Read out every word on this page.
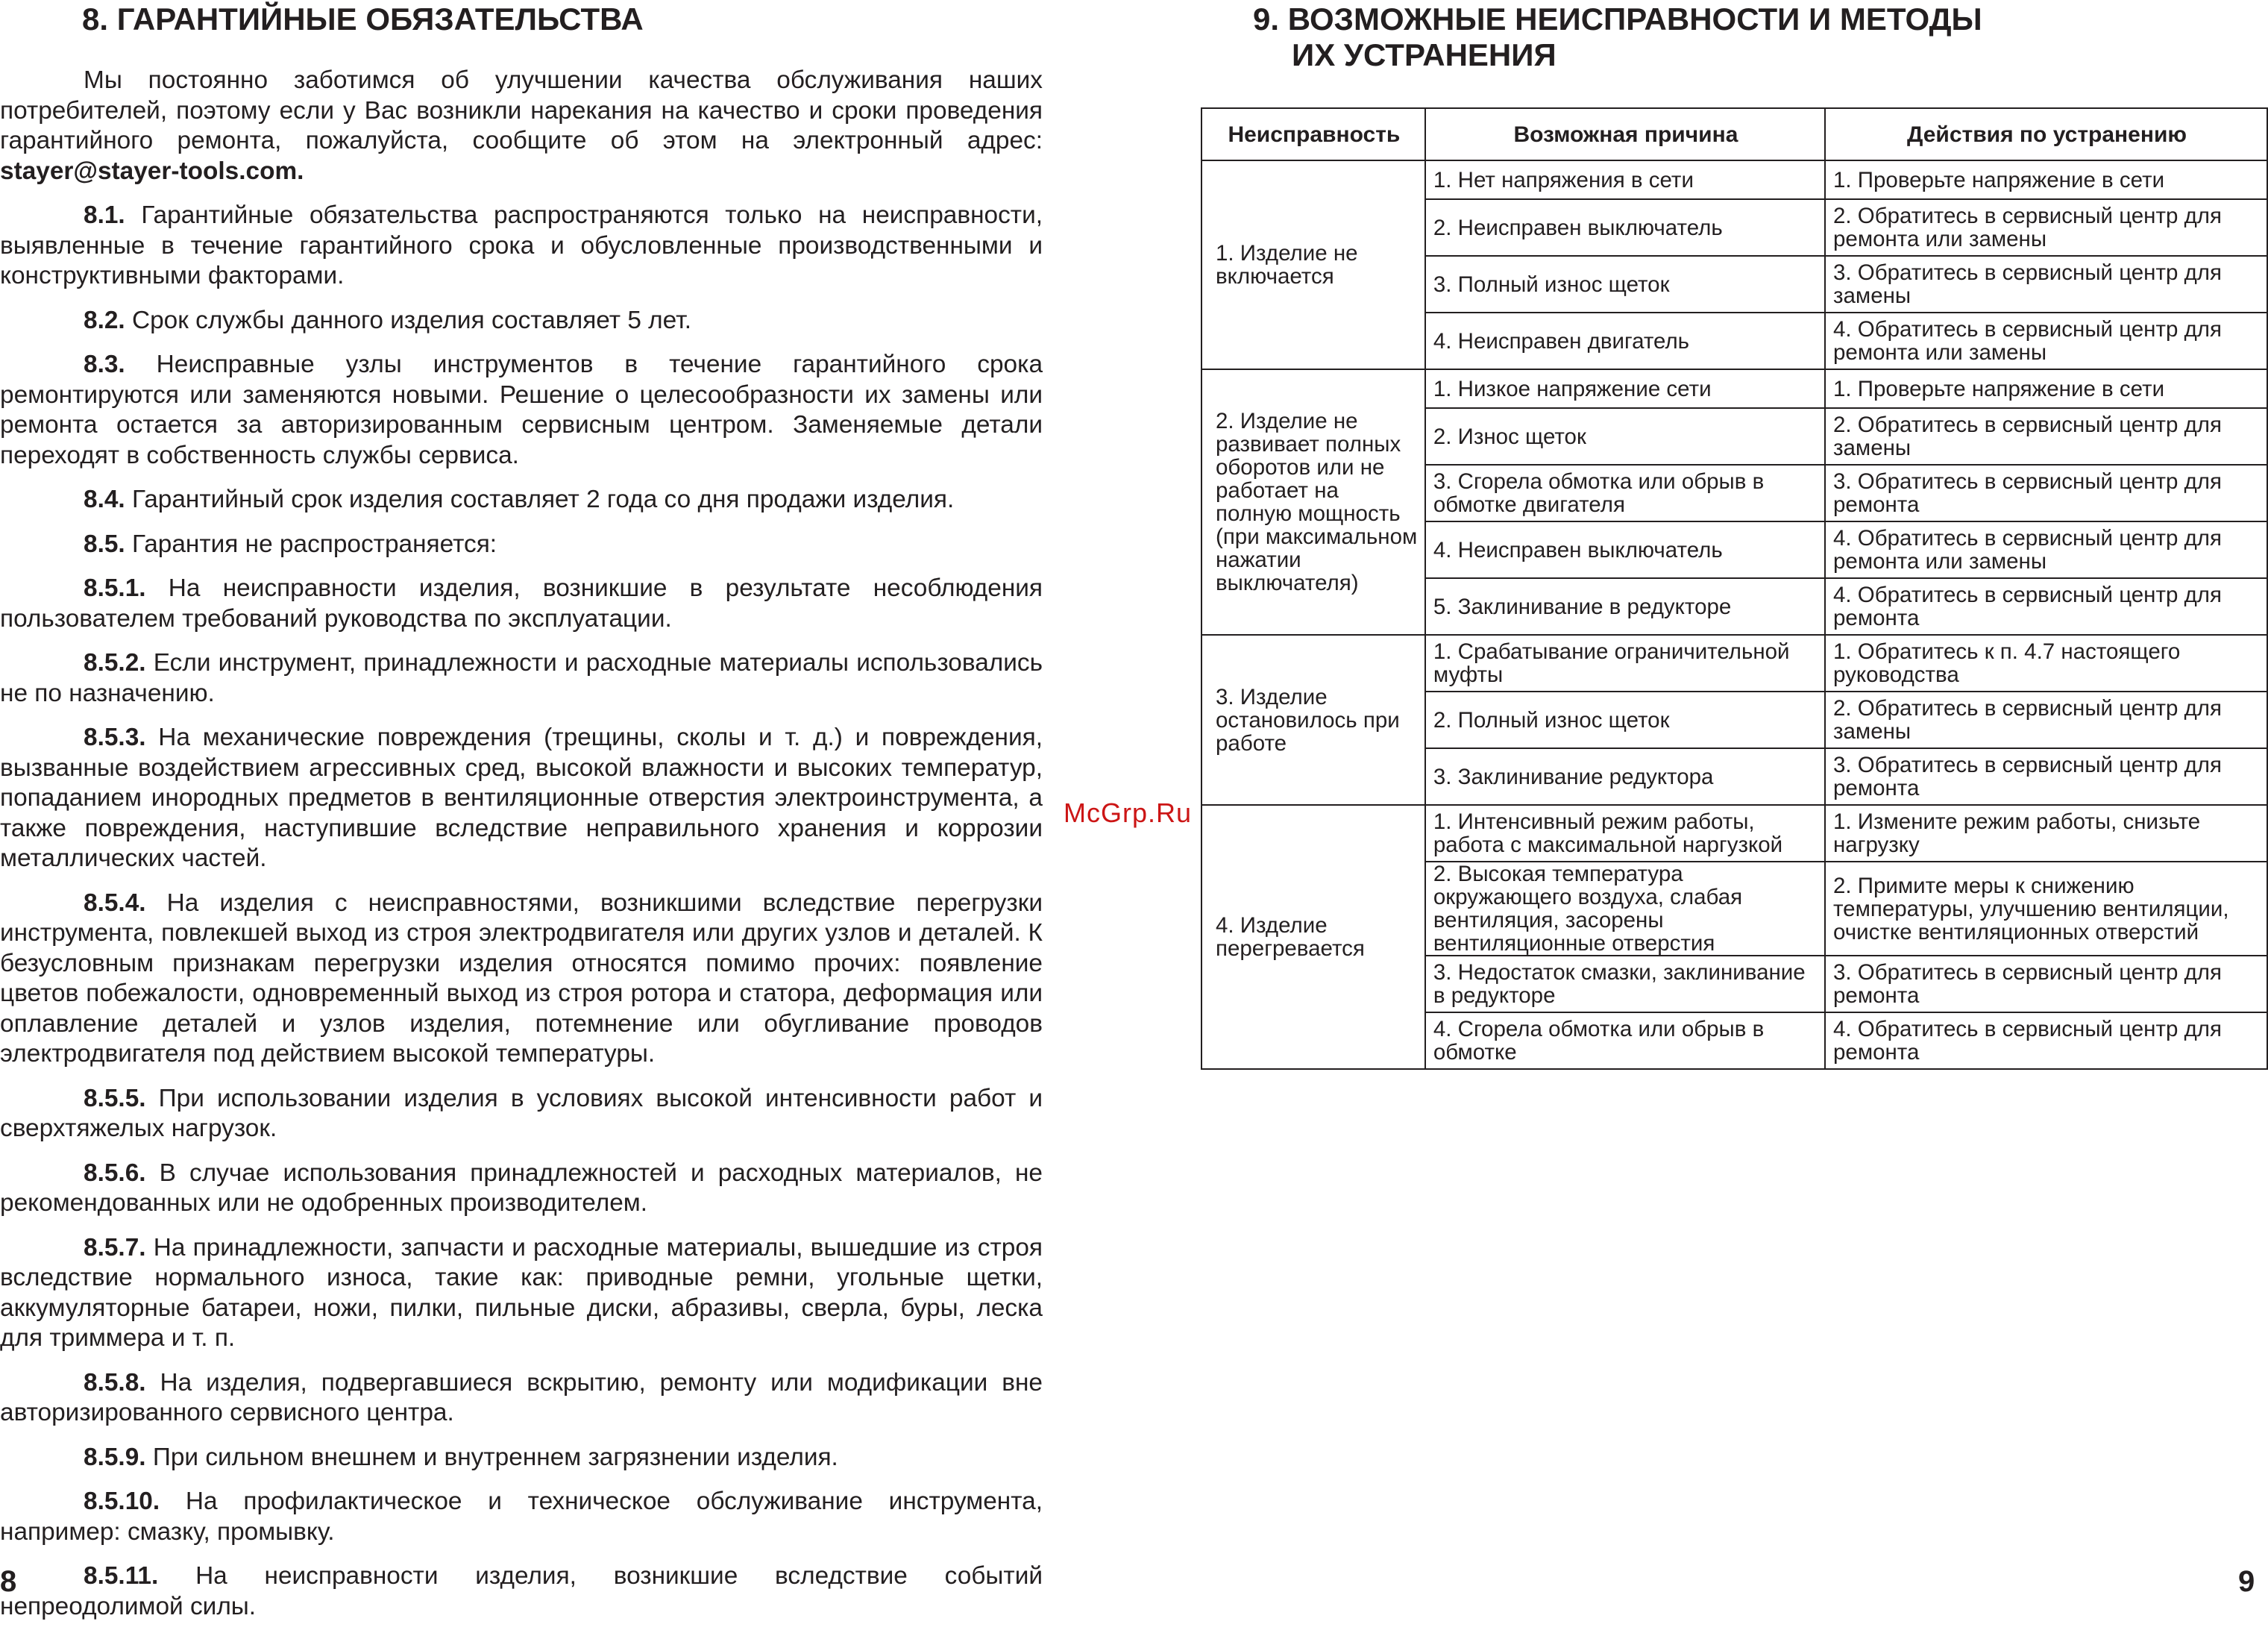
8. ГАРАНТИЙНЫЕ ОБЯЗАТЕЛЬСТВА

Мы постоянно заботимся об улучшении качества обслуживания наших потребителей, поэтому если у Вас возникли нарекания на качество и сроки проведения гарантийного ремонта, пожалуйста, сообщите об этом на электронный адрес: stayer@stayer-tools.com.

8.1. Гарантийные обязательства распространяются только на неисправности, выявленные в течение гарантийного срока и обусловленные производственными и конструктивными факторами.

8.2. Срок службы данного изделия составляет 5 лет.

8.3. Неисправные узлы инструментов в течение гарантийного срока ремонтируются или заменяются новыми. Решение о целесообразности их замены или ремонта остается за авторизированным сервисным центром. Заменяемые детали переходят в собственность службы сервиса.

8.4. Гарантийный срок изделия составляет 2 года со дня продажи изделия.

8.5. Гарантия не распространяется:

8.5.1. На неисправности изделия, возникшие в результате несоблюдения пользователем требований руководства по эксплуатации.

8.5.2. Если инструмент, принадлежности и расходные материалы использовались не по назначению.

8.5.3. На механические повреждения (трещины, сколы и т. д.) и повреждения, вызванные воздействием агрессивных сред, высокой влажности и высоких температур, попаданием инородных предметов в вентиляционные отверстия электроинструмента, а также повреждения, наступившие вследствие неправильного хранения и коррозии металлических частей.

8.5.4. На изделия с неисправностями, возникшими вследствие перегрузки инструмента, повлекшей выход из строя электродвигателя или других узлов и деталей. К безусловным признакам перегрузки изделия относятся помимо прочих: появление цветов побежалости, одновременный выход из строя ротора и статора, деформация или оплавление деталей и узлов изделия, потемнение или обугливание проводов электродвигателя под действием высокой температуры.

8.5.5. При использовании изделия в условиях высокой интенсивности работ и сверхтяжелых нагрузок.

8.5.6. В случае использования принадлежностей и расходных материалов, не рекомендованных или не одобренных производителем.

8.5.7. На принадлежности, запчасти и расходные материалы, вышедшие из строя вследствие нормального износа, такие как: приводные ремни, угольные щетки, аккумуляторные батареи, ножи, пилки, пильные диски, абразивы, сверла, буры, леска для триммера и т. п.

8.5.8. На изделия, подвергавшиеся вскрытию, ремонту или модификации вне авторизированного сервисного центра.

8.5.9. При сильном внешнем и внутреннем загрязнении изделия.

8.5.10. На профилактическое и техническое обслуживание инструмента, например: смазку, промывку.

8.5.11. На неисправности изделия, возникшие вследствие событий непреодолимой силы.

8
9. ВОЗМОЖНЫЕ НЕИСПРАВНОСТИ И МЕТОДЫ
ИХ УСТРАНЕНИЯ
Неисправность	Возможная причина	Действия по устранению
1. Изделие не включается	1. Нет напряжения в сети	1. Проверьте напряжение в сети
	2. Неисправен выключатель	2. Обратитесь в сервисный центр для ремонта или замены
	3. Полный износ щеток	3. Обратитесь в сервисный центр для замены
	4. Неисправен двигатель	4. Обратитесь в сервисный центр для ремонта или замены
2. Изделие не развивает полных оборотов или не работает на полную мощность (при максимальном нажатии выключателя)	1. Низкое напряжение сети	1. Проверьте напряжение в сети
	2. Износ щеток	2. Обратитесь в сервисный центр для замены
	3. Сгорела обмотка или обрыв в обмотке двигателя	3. Обратитесь в сервисный центр для ремонта
	4. Неисправен выключатель	4. Обратитесь в сервисный центр для ремонта или замены
	5. Заклинивание в редукторе	4. Обратитесь в сервисный центр для ремонта
3. Изделие остановилось при работе	1. Срабатывание ограничительной муфты	1. Обратитесь к п. 4.7 настоящего руководства
	2. Полный износ щеток	2. Обратитесь в сервисный центр для замены
	3. Заклинивание редуктора	3. Обратитесь в сервисный центр для ремонта
4. Изделие перегревается	1. Интенсивный режим работы, работа с максимальной наргузкой	1. Измените режим работы, снизьте нагрузку
	2. Высокая температура окружающего воздуха, слабая вентиляция, засорены вентиляционные отверстия	2. Примите меры к снижению температуры, улучшению вентиляции, очистке вентиляционных отверстий
	3. Недостаток смазки, заклинивание в редукторе	3. Обратитесь в сервисный центр для ремонта
	4. Сгорела обмотка или обрыв в обмотке	4. Обратитесь в сервисный центр для ремонта
McGrp.Ru
9
